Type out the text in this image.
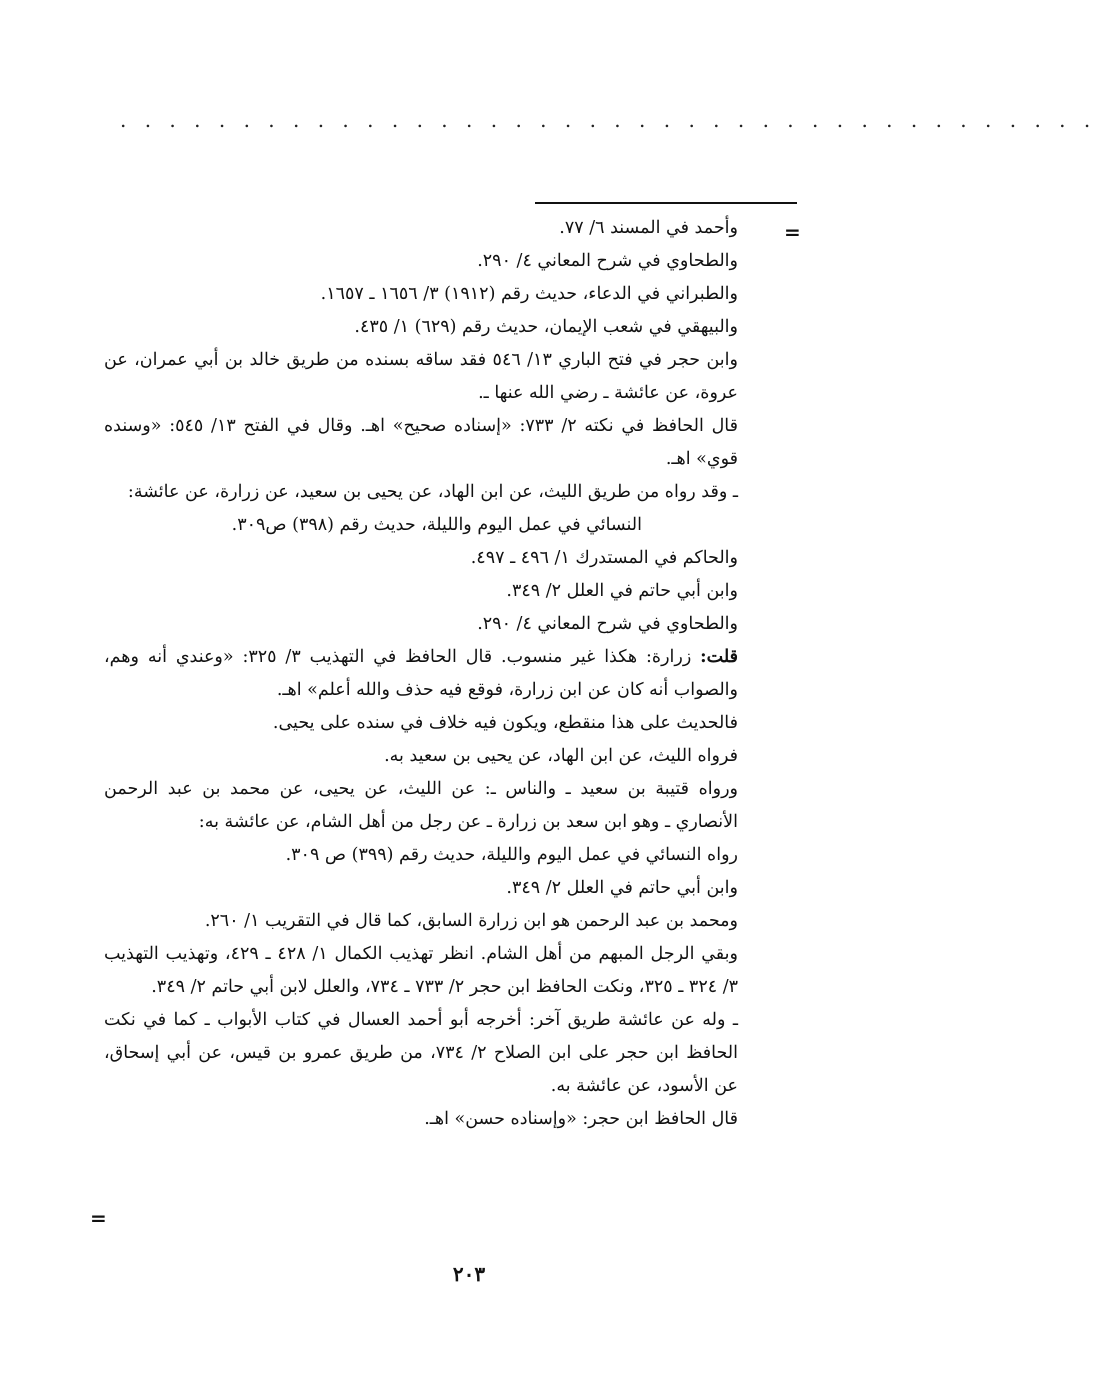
. . . . . . . . . . . . . . . . . . . . . . . . . . . . . . . . . . . . . . . .
=

وأحمد في المسند ٦/ ٧٧.

والطحاوي في شرح المعاني ٤/ ٢٩٠.

والطبراني في الدعاء، حديث رقم (١٩١٢) ٣/ ١٦٥٦ ـ ١٦٥٧.

والبيهقي في شعب الإيمان، حديث رقم (٦٢٩) ١/ ٤٣٥.

وابن حجر في فتح الباري ١٣/ ٥٤٦ فقد ساقه بسنده من طريق خالد بن أبي عمران، عن عروة، عن عائشة ـ رضي الله عنها ـ.

قال الحافظ في نكته ٢/ ٧٣٣: «إسناده صحيح» اهـ. وقال في الفتح ١٣/ ٥٤٥: «وسنده قوي» اهـ.

ـ وقد رواه من طريق الليث، عن ابن الهاد، عن يحيى بن سعيد، عن زرارة، عن عائشة:

النسائي في عمل اليوم والليلة، حديث رقم (٣٩٨) ص٣٠٩.

والحاكم في المستدرك ١/ ٤٩٦ ـ ٤٩٧.

وابن أبي حاتم في العلل ٢/ ٣٤٩.

والطحاوي في شرح المعاني ٤/ ٢٩٠.

قلت: زرارة: هكذا غير منسوب. قال الحافظ في التهذيب ٣/ ٣٢٥: «وعندي أنه وهم، والصواب أنه كان عن ابن زرارة، فوقع فيه حذف والله أعلم» اهـ.

فالحديث على هذا منقطع، ويكون فيه خلاف في سنده على يحيى.

فرواه الليث، عن ابن الهاد، عن يحيى بن سعيد به.

ورواه قتيبة بن سعيد ـ والناس ـ: عن الليث، عن يحيى، عن محمد بن عبد الرحمن الأنصاري ـ وهو ابن سعد بن زرارة ـ عن رجل من أهل الشام، عن عائشة به:

رواه النسائي في عمل اليوم والليلة، حديث رقم (٣٩٩) ص ٣٠٩.

وابن أبي حاتم في العلل ٢/ ٣٤٩.

ومحمد بن عبد الرحمن هو ابن زرارة السابق، كما قال في التقريب ١/ ٢٦٠.

وبقي الرجل المبهم من أهل الشام. انظر تهذيب الكمال ١/ ٤٢٨ ـ ٤٢٩، وتهذيب التهذيب ٣/ ٣٢٤ ـ ٣٢٥، ونكت الحافظ ابن حجر ٢/ ٧٣٣ ـ ٧٣٤، والعلل لابن أبي حاتم ٢/ ٣٤٩.

ـ وله عن عائشة طريق آخر: أخرجه أبو أحمد العسال في كتاب الأبواب ـ كما في نكت الحافظ ابن حجر على ابن الصلاح ٢/ ٧٣٤، من طريق عمرو بن قيس، عن أبي إسحاق، عن الأسود، عن عائشة به.

قال الحافظ ابن حجر: «وإسناده حسن» اهـ.

=
٢٠٣
